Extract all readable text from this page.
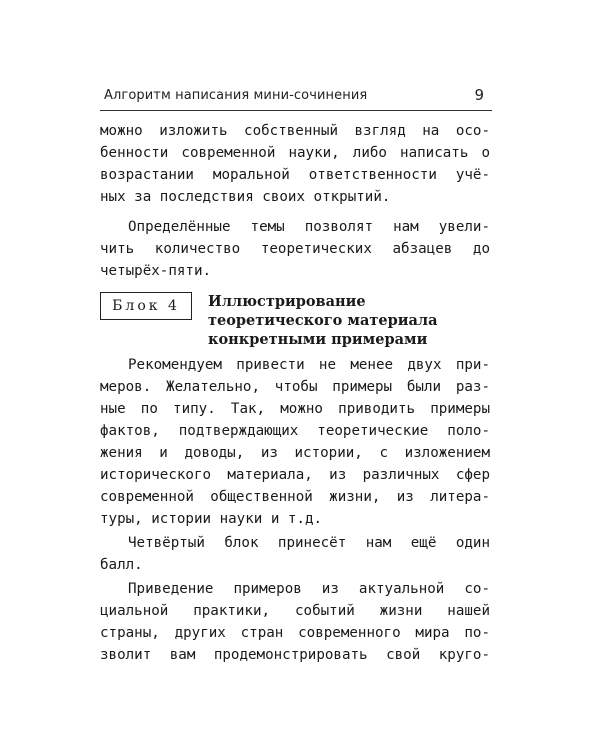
Алгоритм написания мини-сочинения	9
можно изложить собственный взгляд на осо-
бенности современной науки, либо написать о
возрастании моральной ответственности учё-
ных за последствия своих открытий.
Определённые темы позволят нам увели-
чить количество теоретических абзацев до
четырёх-пяти.
Блок 4	Иллюстрирование
теоретического материала
конкретными примерами
Рекомендуем привести не менее двух при-
меров. Желательно, чтобы примеры были раз-
ные по типу. Так, можно приводить примеры
фактов, подтверждающих теоретические поло-
жения и доводы, из истории, с изложением
исторического материала, из различных сфер
современной общественной жизни, из литера-
туры, истории науки и т.д.
Четвёртый блок принесёт нам ещё один
балл.
Приведение примеров из актуальной со-
циальной практики, событий жизни нашей
страны, других стран современного мира по-
зволит вам продемонстрировать свой круго-
